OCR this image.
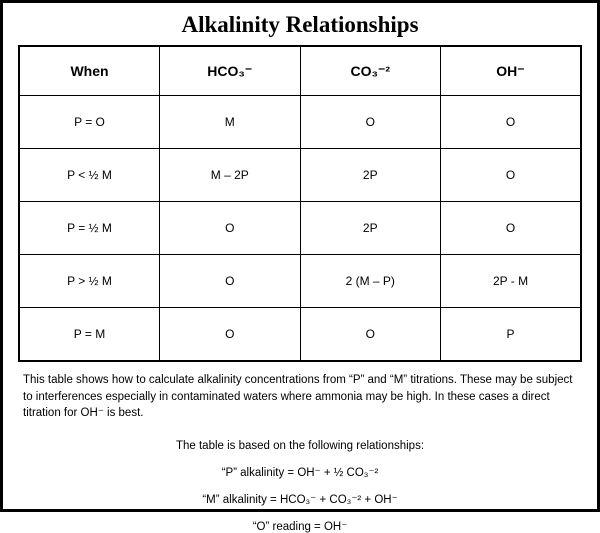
Alkalinity Relationships
When	HCO₃⁻	CO₃⁻²	OH⁻
P = O	M	O	O
P < ½ M	M – 2P	2P	O
P = ½ M	O	2P	O
P > ½ M	O	2 (M – P)	2P - M
P = M	O	O	P

This table shows how to calculate alkalinity concentrations from “P” and “M” titrations. These may be subject to interferences especially in contaminated waters where ammonia may be high. In these cases a direct titration for OH⁻ is best.

The table is based on the following relationships:

“P” alkalinity = OH⁻ + ½ CO₃⁻²

“M” alkalinity = HCO₃⁻ + CO₃⁻² + OH⁻

“O” reading = OH⁻
